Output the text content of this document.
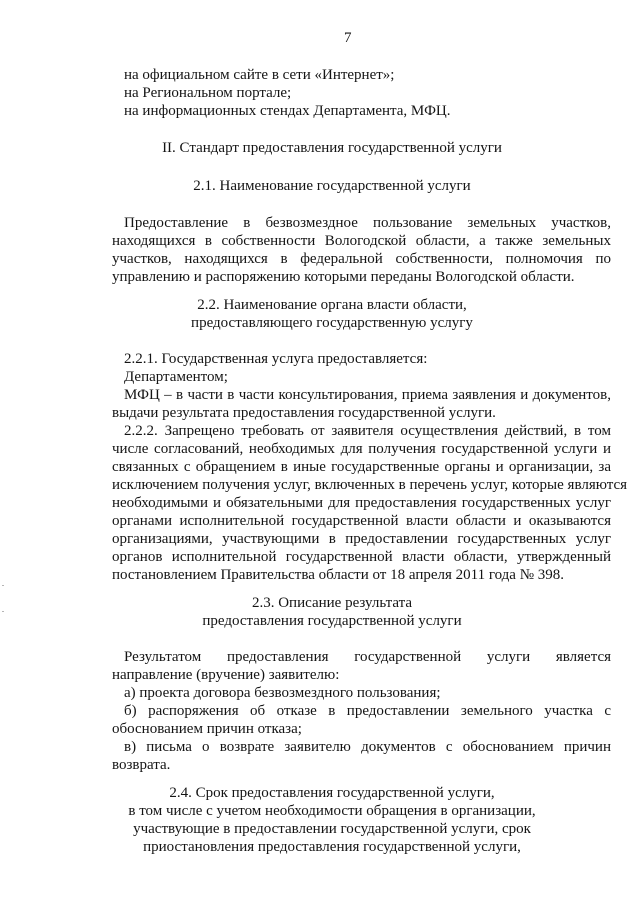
7
на официальном сайте в сети «Интернет»;
на Региональном портале;
на информационных стендах Департамента, МФЦ.
II. Стандарт предоставления государственной услуги
2.1. Наименование государственной услуги
Предоставление в безвозмездное пользование земельных участков,
находящихся в собственности Вологодской области, а также земельных
участков, находящихся в федеральной собственности, полномочия по
управлению и распоряжению которыми переданы Вологодской области.
2.2. Наименование органа власти области,
предоставляющего государственную услугу
2.2.1. Государственная услуга предоставляется:
Департаментом;
МФЦ – в части в части консультирования, приема заявления и документов,
выдачи результата предоставления государственной услуги.
2.2.2. Запрещено требовать от заявителя осуществления действий, в том
числе согласований, необходимых для получения государственной услуги и
связанных с обращением в иные государственные органы и организации, за
исключением получения услуг, включенных в перечень услуг, которые являются
необходимыми и обязательными для предоставления государственных услуг
органами исполнительной государственной власти области и оказываются
организациями, участвующими в предоставлении государственных услуг
органов исполнительной государственной власти области, утвержденный
постановлением Правительства области от 18 апреля 2011 года № 398.
2.3. Описание результата
предоставления государственной услуги
Результатом предоставления государственной услуги является
направление (вручение) заявителю:
а) проекта договора безвозмездного пользования;
б) распоряжения об отказе в предоставлении земельного участка с
обоснованием причин отказа;
в) письма о возврате заявителю документов с обоснованием причин
возврата.
2.4. Срок предоставления государственной услуги,
в том числе с учетом необходимости обращения в организации,
участвующие в предоставлении государственной услуги, срок
приостановления предоставления государственной услуги,
